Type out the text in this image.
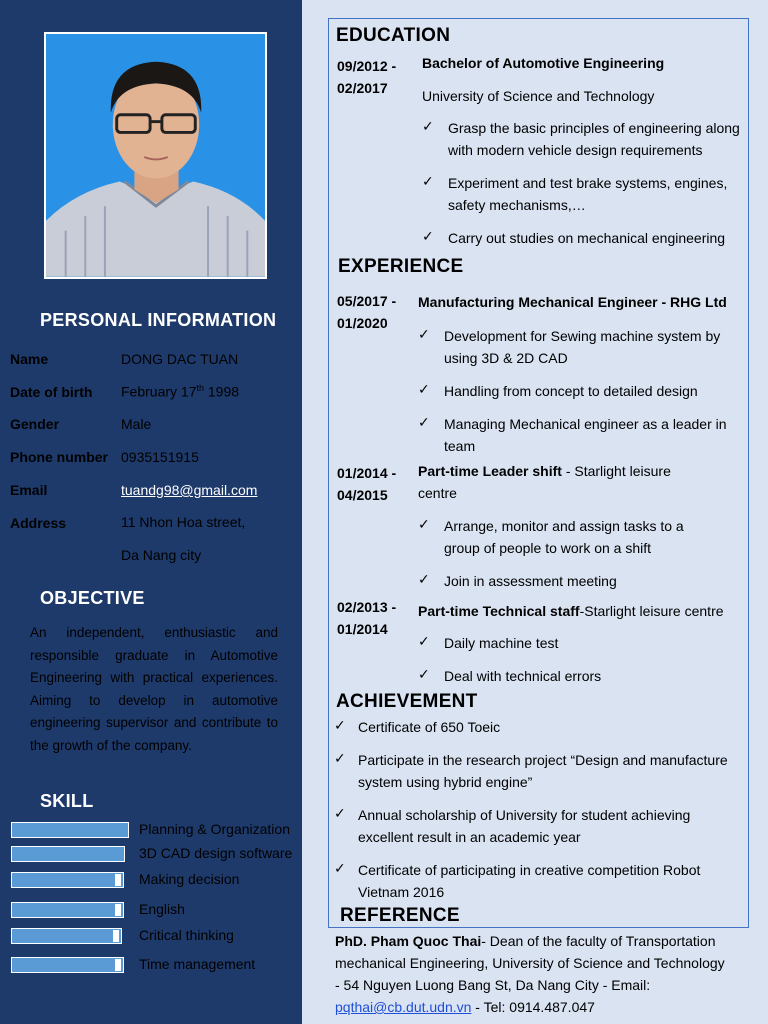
PERSONAL INFORMATION
Name	DONG DAC TUAN
Date of birth February 17th 1998
Gender	Male
Phone number 0935151915
Email	tuandg98@gmail.com
Address	11 Nhon Hoa street,
Da Nang city
OBJECTIVE
An independent, enthusiastic and responsible graduate in Automotive Engineering with practical experiences. Aiming to develop in automotive engineering supervisor and contribute to the growth of the company.
SKILL
Planning & Organization
3D CAD design software
Making decision
English
Critical thinking
Time management
EDUCATION
09/2012 -
02/2017
Bachelor of Automotive Engineering
University of Science and Technology
✓ Grasp the basic principles of engineering along
with modern vehicle design requirements
✓ Experiment and test brake systems, engines,
safety mechanisms,…
✓ Carry out studies on mechanical engineering
EXPERIENCE
05/2017 -
01/2020
Manufacturing Mechanical Engineer - RHG Ltd
✓ Development for Sewing machine system by
using 3D & 2D CAD
✓ Handling from concept to detailed design
✓ Managing Mechanical engineer as a leader in
team
01/2014 -
04/2015
Part-time Leader shift - Starlight leisure
centre
✓ Arrange, monitor and assign tasks to a
group of people to work on a shift
✓ Join in assessment meeting
02/2013 -
01/2014
Part-time Technical staff-Starlight leisure centre
✓ Daily machine test
✓ Deal with technical errors
ACHIEVEMENT
✓ Certificate of 650 Toeic
✓ Participate in the research project “Design and manufacture
system using hybrid engine”
✓ Annual scholarship of University for student achieving
excellent result in an academic year
✓ Certificate of participating in creative competition Robot
Vietnam 2016
REFERENCE
PhD. Pham Quoc Thai- Dean of the faculty of Transportation
mechanical Engineering, University of Science and Technology
- 54 Nguyen Luong Bang St, Da Nang City - Email:
pqthai@cb.dut.udn.vn - Tel: 0914.487.047
